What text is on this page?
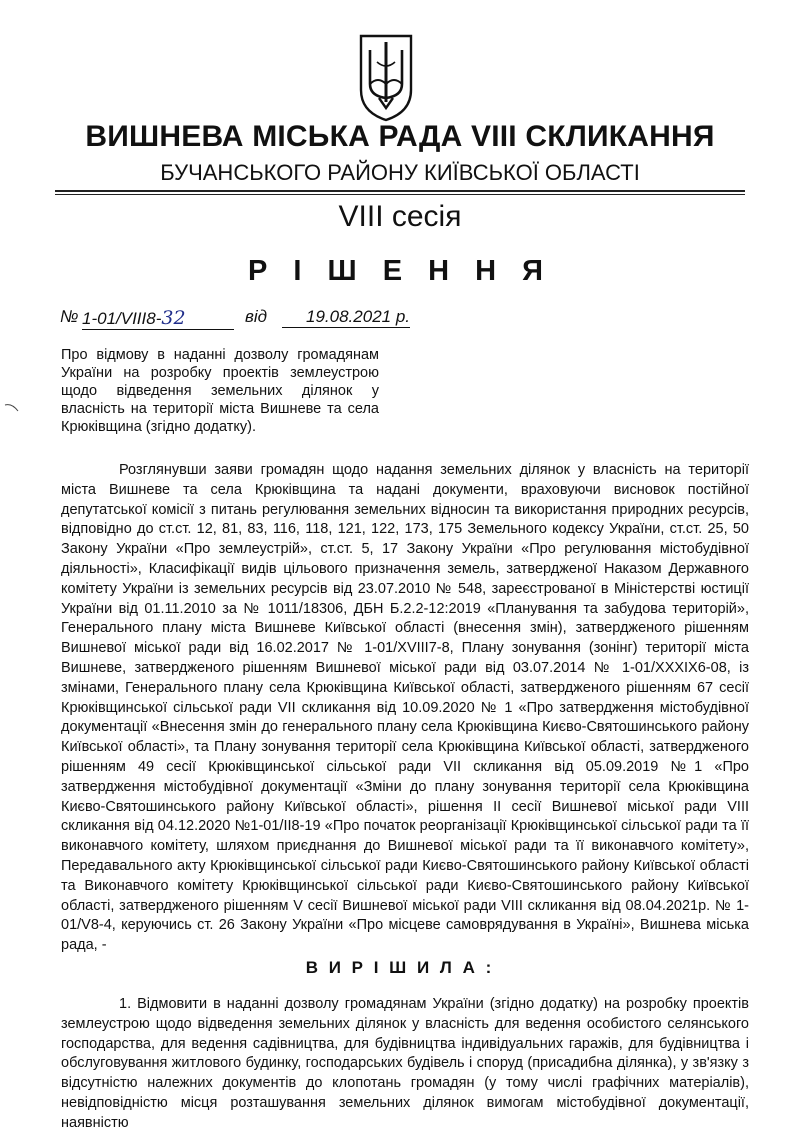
ВИШНЕВА МІСЬКА РАДА VIII СКЛИКАННЯ
БУЧАНСЬКОГО РАЙОНУ КИЇВСЬКОЇ ОБЛАСТІ
VIII сесія
Р І Ш Е Н Н Я
№ 1-01/VIII8-32	від	19.08.2021 р.
Про відмову в наданні дозволу громадянам України на розробку проектів землеустрою щодо відведення земельних ділянок у власність на території міста Вишневе та села Крюківщина (згідно додатку).

Розглянувши заяви громадян щодо надання земельних ділянок у власність на території міста Вишневе та села Крюківщина та надані документи, враховуючи висновок постійної депутатської комісії з питань регулювання земельних відносин та використання природних ресурсів, відповідно до ст.ст. 12, 81, 83, 116, 118, 121, 122, 173, 175 Земельного кодексу України, ст.ст. 25, 50 Закону України «Про землеустрій», ст.ст. 5, 17 Закону України «Про регулювання містобудівної діяльності», Класифікації видів цільового призначення земель, затвердженої Наказом Державного комітету України із земельних ресурсів від 23.07.2010 № 548, зареєстрованої в Міністерстві юстиції України від 01.11.2010 за № 1011/18306, ДБН Б.2.2-12:2019 «Планування та забудова територій», Генерального плану міста Вишневе Київської області (внесення змін), затвердженого рішенням Вишневої міської ради від 16.02.2017 № 1-01/XVIII7-8, Плану зонування (зонінг) території міста Вишневе, затвердженого рішенням Вишневої міської ради від 03.07.2014 № 1-01/XXXIX6-08, із змінами, Генерального плану села Крюківщина Київської області, затвердженого рішенням 67 сесії Крюківщинської сільської ради VII скликання від 10.09.2020 № 1 «Про затвердження містобудівної документації «Внесення змін до генерального плану села Крюківщина Києво-Святошинського району Київської області», та Плану зонування території села Крюківщина Київської області, затвердженого рішенням 49 сесії Крюківщинської сільської ради VII скликання від 05.09.2019 №1 «Про затвердження містобудівної документації «Зміни до плану зонування території села Крюківщина Києво-Святошинського району Київської області», рішення II сесії Вишневої міської ради VIII скликання від 04.12.2020 №1-01/II8-19 «Про початок реорганізації Крюківщинської сільської ради та її виконавчого комітету, шляхом приєднання до Вишневої міської ради та її виконавчого комітету», Передавального акту Крюківщинської сільської ради Києво-Святошинського району Київської області та Виконавчого комітету Крюківщинської сільської ради Києво-Святошинського району Київської області, затвердженого рішенням V сесії Вишневої міської ради VIII скликання від 08.04.2021р. № 1-01/V8-4, керуючись ст. 26 Закону України «Про місцеве самоврядування в Україні», Вишнева міська рада, -

В И Р І Ш И Л А :

1. Відмовити в наданні дозволу громадянам України (згідно додатку) на розробку проектів землеустрою щодо відведення земельних ділянок у власність для ведення особистого селянського господарства, для ведення садівництва, для будівництва індивідуальних гаражів, для будівництва і обслуговування житлового будинку, господарських будівель і споруд (присадибна ділянка), у зв'язку з відсутністю належних документів до клопотань громадян (у тому числі графічних матеріалів), невідповідністю місця розташування земельних ділянок вимогам містобудівної документації, наявністю
